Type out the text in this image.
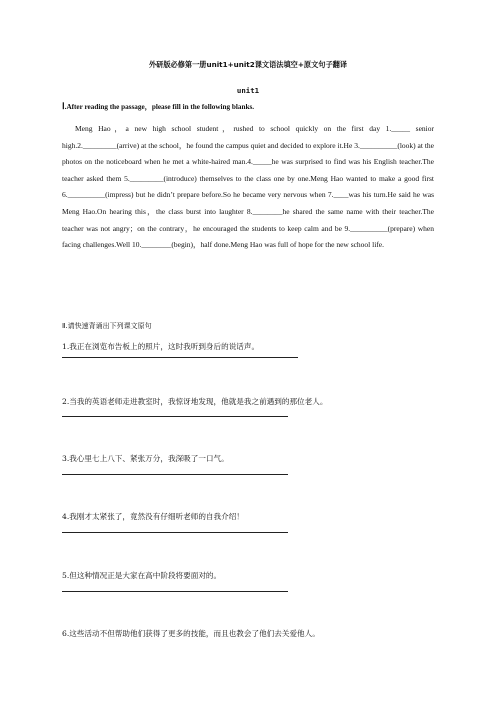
外研版必修第一册unit1+unit2课文语法填空+原文句子翻译
unit1
Ⅰ.After reading the passage，please fill in the following blanks.

Meng Hao，a new high school student，rushed to school quickly on the first day 1._____ senior high.2._________(arrive) at the school，he found the campus quiet and decided to explore it.He 3.__________(look) at the photos on the noticeboard when he met a white-haired man.4._____he was surprised to find was his English teacher.The teacher asked them 5._________(introduce) themselves to the class one by one.Meng Hao wanted to make a good first 6.__________(impress) but he didn’t prepare before.So he became very nervous when 7.____was his turn.He said he was Meng Hao.On hearing this，the class burst into laughter 8.________he shared the same name with their teacher.The teacher was not angry；on the contrary，he encouraged the students to keep calm and be 9.__________(prepare) when facing challenges.Well 10.________(begin)，half done.Meng Hao was full of hope for the new school life.

Ⅱ.请快速背诵出下列课文原句
1.我正在浏览布告板上的照片，这时我听到身后的说话声。
2.当我的英语老师走进教室时，我惊讶地发现，他就是我之前遇到的那位老人。
3.我心里七上八下、紧张万分，我深吸了一口气。
4.我刚才太紧张了，竟然没有仔细听老师的自我介绍！
5.但这种情况正是大家在高中阶段将要面对的。
6.这些活动不但帮助他们获得了更多的技能，而且也教会了他们去关爱他人。
